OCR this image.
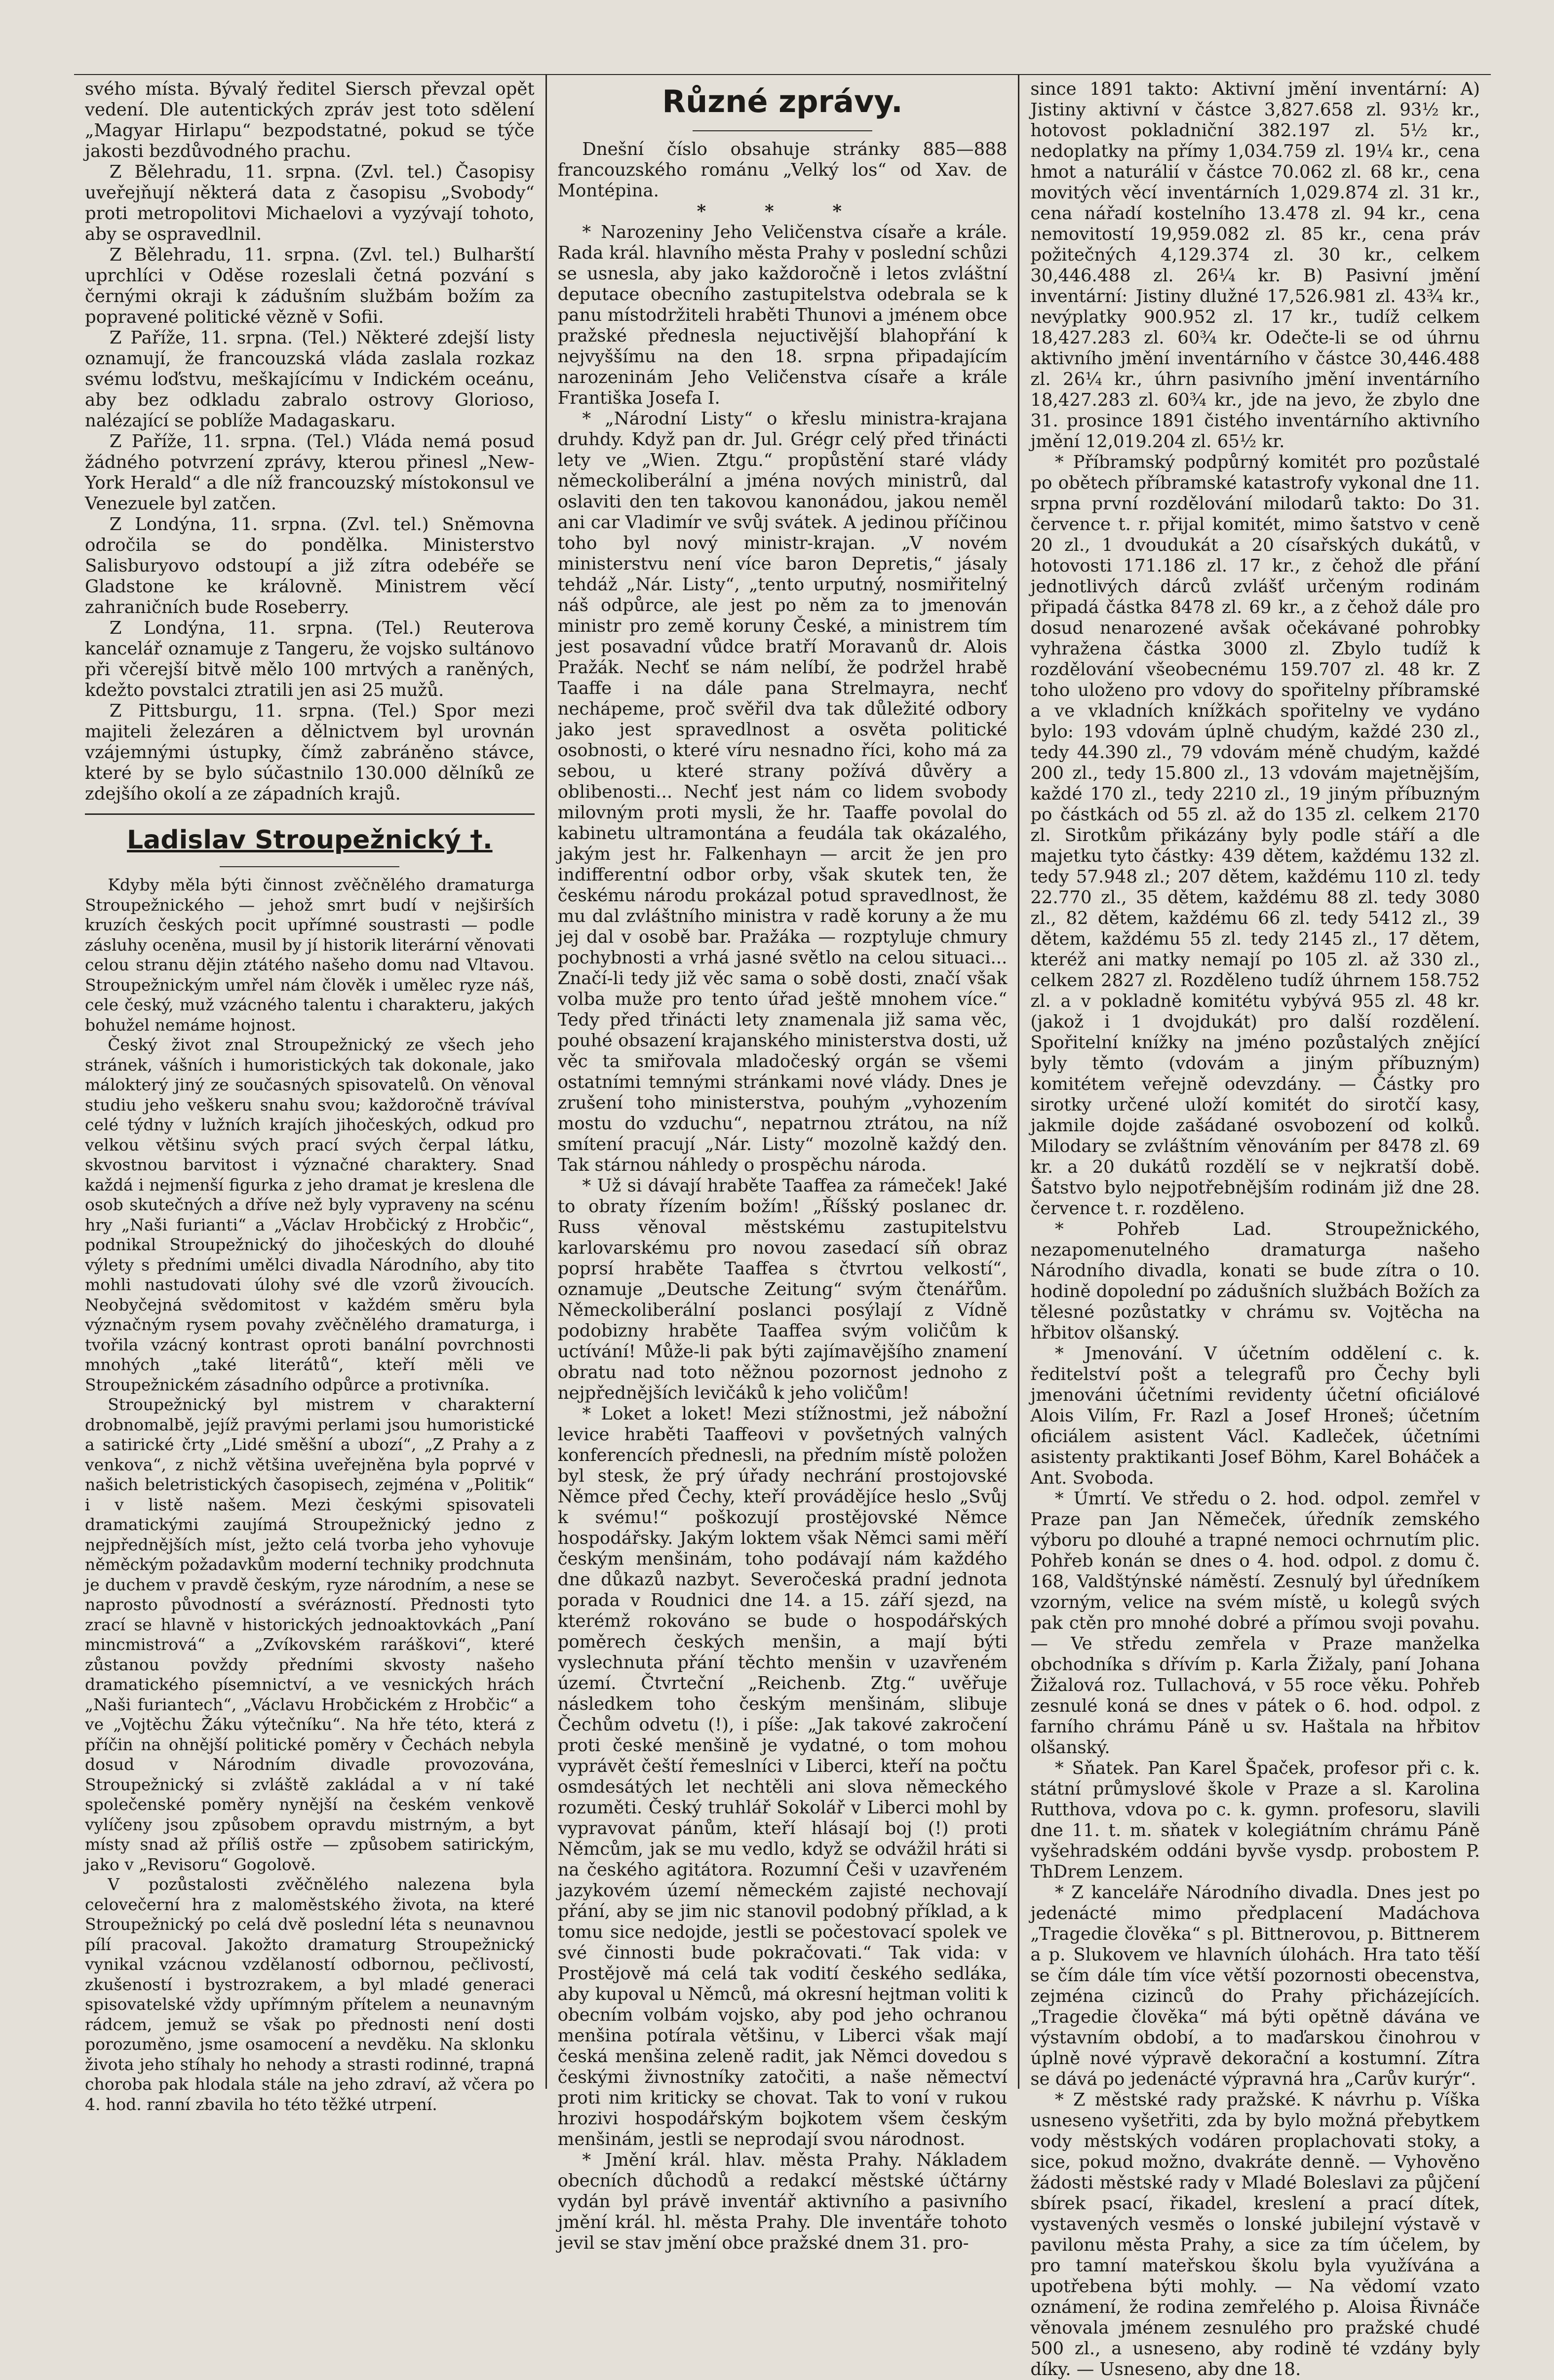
svého místa. Bývalý ředitel Siersch převzal opět vedení. Dle autentických zpráv jest toto sdělení „Magyar Hirlapu“ bezpodstatné, pokud se týče jakosti bezdůvodného prachu.

Z Bělehradu, 11. srpna. (Zvl. tel.) Časopisy uveřejňují některá data z časopisu „Svobody“ proti metropolitovi Michaelovi a vyzývají tohoto, aby se ospravedlnil.

Z Bělehradu, 11. srpna. (Zvl. tel.) Bulharští uprchlíci v Oděse rozeslali četná pozvání s černými okraji k zádušním službám božím za popravené politické vězně v Sofii.

Z Paříže, 11. srpna. (Tel.) Některé zdejší listy oznamují, že francouzská vláda zaslala rozkaz svému loďstvu, meškajícímu v Indickém oceánu, aby bez odkladu zabralo ostrovy Glorioso, nalézající se poblíže Madagaskaru.

Z Paříže, 11. srpna. (Tel.) Vláda nemá posud žádného potvrzení zprávy, kterou přinesl „New-York Herald“ a dle níž francouzský místokonsul ve Venezuele byl zatčen.

Z Londýna, 11. srpna. (Zvl. tel.) Sněmovna odročila se do pondělka. Ministerstvo Salisburyovo odstoupí a již zítra odebéře se Gladstone ke královně. Ministrem věcí zahraničních bude Roseberry.

Z Londýna, 11. srpna. (Tel.) Reuterova kancelář oznamuje z Tangeru, že vojsko sultánovo při včerejší bitvě mělo 100 mrtvých a raněných, kdežto povstalci ztratili jen asi 25 mužů.

Z Pittsburgu, 11. srpna. (Tel.) Spor mezi majiteli železáren a dělnictvem byl urovnán vzájemnými ústupky, čímž zabráněno stávce, které by se bylo súčastnilo 130.000 dělníků ze zdejšího okolí a ze západních krajů.

Ladislav Stroupežnický †.

Kdyby měla býti činnost zvěčnělého dramaturga Stroupežnického — jehož smrt budí v nejširších kruzích českých pocit upřímné soustrasti — podle zásluhy oceněna, musil by jí historik literární věnovati celou stranu dějin ztátého našeho domu nad Vltavou. Stroupežnickým umřel nám člověk i umělec ryze náš, cele český, muž vzácného talentu i charakteru, jakých bohužel nemáme hojnost.

Český život znal Stroupežnický ze všech jeho stránek, vášních i humoristických tak dokonale, jako málokterý jiný ze současných spisovatelů. On věnoval studiu jeho veškeru snahu svou; každoročně trávíval celé týdny v lužních krajích jihočeských, odkud pro velkou většinu svých prací svých čerpal látku, skvostnou barvitost i význačné charaktery. Snad každá i nejmenší figurka z jeho dramat je kreslena dle osob skutečných a dříve než byly vypraveny na scénu hry „Naši furianti“ a „Václav Hrobčický z Hrobčic“, podnikal Stroupežnický do jihočeských do dlouhé výlety s předními umělci divadla Národního, aby tito mohli nastudovati úlohy své dle vzorů živoucích. Neobyčejná svědomitost v každém směru byla význačným rysem povahy zvěčnělého dramaturga, i tvořila vzácný kontrast oproti banální povrchnosti mnohých „také literátů“, kteří měli ve Stroupežnickém zásadního odpůrce a protivníka.

Stroupežnický byl mistrem v charakterní drobnomalbě, jejíž pravými perlami jsou humoristické a satirické črty „Lidé směšní a ubozí“, „Z Prahy a z venkova“, z nichž většina uveřejněna byla poprvé v našich beletristických časopisech, zejména v „Politik“ i v listě našem. Mezi českými spisovateli dramatickými zaujímá Stroupežnický jedno z nejpřednějších míst, ježto celá tvorba jeho vyhovuje něměckým požadavkům moderní techniky prodchnuta je duchem v pravdě českým, ryze národním, a nese se naprosto původností a svérázností. Přednosti tyto zrací se hlavně v historických jednoaktovkách „Paní mincmistrová“ a „Zvíkovském raráškovi“, které zůstanou povždy předními skvosty našeho dramatického písemnictví, a ve vesnických hrách „Naši furiantech“, „Václavu Hrobčickém z Hrobčic“ a ve „Vojtěchu Žáku výtečníku“. Na hře této, která z příčin na ohnější politické poměry v Čechách nebyla dosud v Národním divadle provozována, Stroupežnický si zvláště zakládal a v ní také společenské poměry nynější na českém venkově vylíčeny jsou způsobem opravdu mistrným, a byt místy snad až příliš ostře — způsobem satirickým, jako v „Revisoru“ Gogolově.

V pozůstalosti zvěčnělého nalezena byla celovečerní hra z maloměstského života, na které Stroupežnický po celá dvě poslední léta s neunavnou pílí pracoval. Jakožto dramaturg Stroupežnický vynikal vzácnou vzdělaností odbornou, pečlivostí, zkušeností i bystrozrakem, a byl mladé generaci spisovatelské vždy upřímným přítelem a neunavným rádcem, jemuž se však po přednosti není dosti porozuměno, jsme osamocení a nevděku. Na sklonku života jeho stíhaly ho nehody a strasti rodinné, trapná choroba pak hlodala stále na jeho zdraví, až včera po 4. hod. ranní zbavila ho této těžké utrpení.

Různé zprávy.

Dnešní číslo obsahuje stránky 885—888 francouzského románu „Velký los“ od Xav. de Montépina.

* * *

* Narozeniny Jeho Veličenstva císaře a krále. Rada král. hlavního města Prahy v poslední schůzi se usnesla, aby jako každoročně i letos zvláštní deputace obecního zastupitelstva odebrala se k panu místodržiteli hraběti Thunovi a jménem obce pražské přednesla nejuctivější blahopřání k nejvyššímu na den 18. srpna připadajícím narozeninám Jeho Veličenstva císaře a krále Františka Josefa I.

* „Národní Listy“ o křeslu ministra-krajana druhdy. Když pan dr. Jul. Grégr celý před třinácti lety ve „Wien. Ztgu.“ propůstění staré vlády německoliberální a jména nových ministrů, dal oslaviti den ten takovou kanonádou, jakou neměl ani car Vladimír ve svůj svátek. A jedinou příčinou toho byl nový ministr-krajan. „V novém ministerstvu není více baron Depretis,“ jásaly tehdáž „Nár. Listy“, „tento urputný, nosmiřitelný náš odpůrce, ale jest po něm za to jmenován ministr pro země koruny České, a ministrem tím jest posavadní vůdce bratří Moravanů dr. Alois Pražák. Nechť se nám nelíbí, že podržel hrabě Taaffe i na dále pana Strelmayra, nechť nechápeme, proč svěřil dva tak důležité odbory jako jest spravedlnost a osvěta politické osobnosti, o které víru nesnadno říci, koho má za sebou, u které strany požívá důvěry a oblibenosti... Nechť jest nám co lidem svobody milovným proti mysli, že hr. Taaffe povolal do kabinetu ultramontána a feudála tak okázalého, jakým jest hr. Falkenhayn — arcit že jen pro indifferentní odbor orby, však skutek ten, že českému národu prokázal potud spravedlnost, že mu dal zvláštního ministra v radě koruny a že mu jej dal v osobě bar. Pražáka — rozptyluje chmury pochybnosti a vrhá jasné světlo na celou situaci... Značí-li tedy již věc sama o sobě dosti, značí však volba muže pro tento úřad ještě mnohem více.“ Tedy před třinácti lety znamenala již sama věc, pouhé obsazení krajanského ministerstva dosti, už věc ta smiřovala mladočeský orgán se všemi ostatními temnými stránkami nové vlády. Dnes je zrušení toho ministerstva, pouhým „vyhozením mostu do vzduchu“, nepatrnou ztrátou, na níž smítení pracují „Nár. Listy“ mozolně každý den. Tak stárnou náhledy o prospěchu národa.

* Už si dávají hraběte Taaffea za rámeček! Jaké to obraty řízením božím! „Říšský poslanec dr. Russ věnoval městskému zastupitelstvu karlovarskému pro novou zasedací síň obraz poprsí hraběte Taaffea s čtvrtou velkostí“, oznamuje „Deutsche Zeitung“ svým čtenářům. Německoliberální poslanci posýlají z Vídně podobizny hraběte Taaffea svým voličům k uctívání! Může-li pak býti zajímavějšího znamení obratu nad toto něžnou pozornost jednoho z nejpřednějších levičáků k jeho voličům!

* Loket a loket! Mezi stížnostmi, jež nábožní levice hraběti Taaffeovi v povšetných valných konferencích přednesli, na předním místě položen byl stesk, že prý úřady nechrání prostojovské Němce před Čechy, kteří provádějíce heslo „Svůj k svému!“ poškozují prostějovské Němce hospodářsky. Jakým loktem však Němci sami měří českým menšinám, toho podávají nám každého dne důkazů nazbyt. Severočeská pradní jednota porada v Roudnici dne 14. a 15. září sjezd, na kterémž rokováno se bude o hospodářských poměrech českých menšin, a mají býti vyslechnuta přání těchto menšin v uzavřeném území. Čtvrteční „Reichenb. Ztg.“ uvěřuje následkem toho českým menšinám, slibuje Čechům odvetu (!), i píše: „Jak takové zakročení proti české menšině je vydatné, o tom mohou vyprávět čeští řemeslníci v Liberci, kteří na počtu osmdesátých let nechtěli ani slova německého rozuměti. Český truhlář Sokolář v Liberci mohl by vypravovat pánům, kteří hlásají boj (!) proti Němcům, jak se mu vedlo, když se odvážil hráti si na českého agitátora. Rozumní Češi v uzavřeném jazykovém území německém zajisté nechovají přání, aby se jim nic stanovil podobný příklad, a k tomu sice nedojde, jestli se počestovací spolek ve své činnosti bude pokračovati.“ Tak vida: v Prostějově má celá tak vodití českého sedláka, aby kupoval u Němců, má okresní hejtman voliti k obecním volbám vojsko, aby pod jeho ochranou menšina potírala většinu, v Liberci však mají česká menšina zeleně radit, jak Němci dovedou s českými živnostníky zatočiti, a naše němectví proti nim kriticky se chovat. Tak to voní v rukou hrozivi hospodářským bojkotem všem českým menšinám, jestli se neprodají svou národnost.

* Jmění král. hlav. města Prahy. Nákladem obecních důchodů a redakcí městské účtárny vydán byl právě inventář aktivního a pasivního jmění král. hl. města Prahy. Dle inventáře tohoto jevil se stav jmění obce pražské dnem 31. pro-

since 1891 takto: Aktivní jmění inventární: A) Jistiny aktivní v částce 3,827.658 zl. 93½ kr., hotovost pokladniční 382.197 zl. 5½ kr., nedoplatky na přímy 1,034.759 zl. 19¼ kr., cena hmot a naturálií v částce 70.062 zl. 68 kr., cena movitých věcí inventárních 1,029.874 zl. 31 kr., cena nářadí kostelního 13.478 zl. 94 kr., cena nemovitostí 19,959.082 zl. 85 kr., cena práv požitečných 4,129.374 zl. 30 kr., celkem 30,446.488 zl. 26¼ kr. B) Pasivní jmění inventární: Jistiny dlužné 17,526.981 zl. 43¾ kr., nevýplatky 900.952 zl. 17 kr., tudíž celkem 18,427.283 zl. 60¾ kr. Odečte-li se od úhrnu aktivního jmění inventárního v částce 30,446.488 zl. 26¼ kr., úhrn pasivního jmění inventárního 18,427.283 zl. 60¾ kr., jde na jevo, že zbylo dne 31. prosince 1891 čistého inventárního aktivního jmění 12,019.204 zl. 65½ kr.

* Příbramský podpůrný komitét pro pozůstalé po obětech příbramské katastrofy vykonal dne 11. srpna první rozdělování milodarů takto: Do 31. července t. r. přijal komitét, mimo šatstvo v ceně 20 zl., 1 dvoudukát a 20 císařských dukátů, v hotovosti 171.186 zl. 17 kr., z čehož dle přání jednotlivých dárců zvlášť určeným rodinám připadá částka 8478 zl. 69 kr., a z čehož dále pro dosud nenarozené avšak očekávané pohrobky vyhražena částka 3000 zl. Zbylo tudíž k rozdělování všeobecnému 159.707 zl. 48 kr. Z toho uloženo pro vdovy do spořitelny příbramské a ve vkladních knížkách spořitelny ve vydáno bylo: 193 vdovám úplně chudým, každé 230 zl., tedy 44.390 zl., 79 vdovám méně chudým, každé 200 zl., tedy 15.800 zl., 13 vdovám majetnějším, každé 170 zl., tedy 2210 zl., 19 jiným příbuzným po částkách od 55 zl. až do 135 zl. celkem 2170 zl. Sirotkům přikázány byly podle stáří a dle majetku tyto částky: 439 dětem, každému 132 zl. tedy 57.948 zl.; 207 dětem, každému 110 zl. tedy 22.770 zl., 35 dětem, každému 88 zl. tedy 3080 zl., 82 dětem, každému 66 zl. tedy 5412 zl., 39 dětem, každému 55 zl. tedy 2145 zl., 17 dětem, kteréž ani matky nemají po 105 zl. až 330 zl., celkem 2827 zl. Rozděleno tudíž úhrnem 158.752 zl. a v pokladně komitétu vybývá 955 zl. 48 kr. (jakož i 1 dvojdukát) pro další rozdělení. Spořitelní knížky na jméno pozůstalých znějící byly těmto (vdovám a jiným příbuzným) komitétem veřejně odevzdány. — Částky pro sirotky určené uloží komitét do sirotčí kasy, jakmile dojde zašádané osvobození od kolků. Milodary se zvláštním věnováním per 8478 zl. 69 kr. a 20 dukátů rozdělí se v nejkratší době. Šatstvo bylo nejpotřebnějším rodinám již dne 28. července t. r. rozděleno.

* Pohřeb Lad. Stroupežnického, nezapomenutelného dramaturga našeho Národního divadla, konati se bude zítra o 10. hodině dopolední po zádušních službách Božích za tělesné pozůstatky v chrámu sv. Vojtěcha na hřbitov olšanský.

* Jmenování. V účetním oddělení c. k. ředitelství pošt a telegrafů pro Čechy byli jmenováni účetními revidenty účetní oficiálové Alois Vilím, Fr. Razl a Josef Hroneš; účetním oficiálem asistent Václ. Kadleček, účetními asistenty praktikanti Josef Böhm, Karel Boháček a Ant. Svoboda.

* Úmrtí. Ve středu o 2. hod. odpol. zemřel v Praze pan Jan Němeček, úředník zemského výboru po dlouhé a trapné nemoci ochrnutím plic. Pohřeb konán se dnes o 4. hod. odpol. z domu č. 168, Valdštýnské náměstí. Zesnulý byl úředníkem vzorným, velice na svém místě, u kolegů svých pak ctěn pro mnohé dobré a přímou svoji povahu. — Ve středu zemřela v Praze manželka obchodníka s dřívím p. Karla Žižaly, paní Johana Žižalová roz. Tullachová, v 55 roce věku. Pohřeb zesnulé koná se dnes v pátek o 6. hod. odpol. z farního chrámu Páně u sv. Haštala na hřbitov olšanský.

* Sňatek. Pan Karel Špaček, profesor při c. k. státní průmyslové škole v Praze a sl. Karolina Rutthova, vdova po c. k. gymn. profesoru, slavili dne 11. t. m. sňatek v kolegiátním chrámu Páně vyšehradském oddáni byvše vysdp. probostem P. ThDrem Lenzem.

* Z kanceláře Národního divadla. Dnes jest po jedenácté mimo předplacení Madáchova „Tragedie člověka“ s pl. Bittnerovou, p. Bittnerem a p. Slukovem ve hlavních úlohách. Hra tato těší se čím dále tím více větší pozornosti obecenstva, zejména cizinců do Prahy přicházejících. „Tragedie člověka“ má býti opětně dávána ve výstavním období, a to maďarskou činohrou v úplně nové výpravě dekorační a kostumní. Zítra se dává po jedenácté výpravná hra „Carův kurýr“.

* Z městské rady pražské. K návrhu p. Víška usneseno vyšetřiti, zda by bylo možná přebytkem vody městských vodáren proplachovati stoky, a sice, pokud možno, dvakráte denně. — Vyhověno žádosti městské rady v Mladé Boleslavi za půjčení sbírek psací, řikadel, kreslení a prací dítek, vystavených vesměs o lonské jubilejní výstavě v pavilonu města Prahy, a sice za tím účelem, by pro tamní mateřskou školu byla využívána a upotřebena býti mohly. — Na vědomí vzato oznámení, že rodina zemřelého p. Aloisa Řivnáče věnovala jménem zesnulého pro pražské chudé 500 zl., a usneseno, aby rodině té vzdány byly díky. — Usneseno, aby dne 18.
